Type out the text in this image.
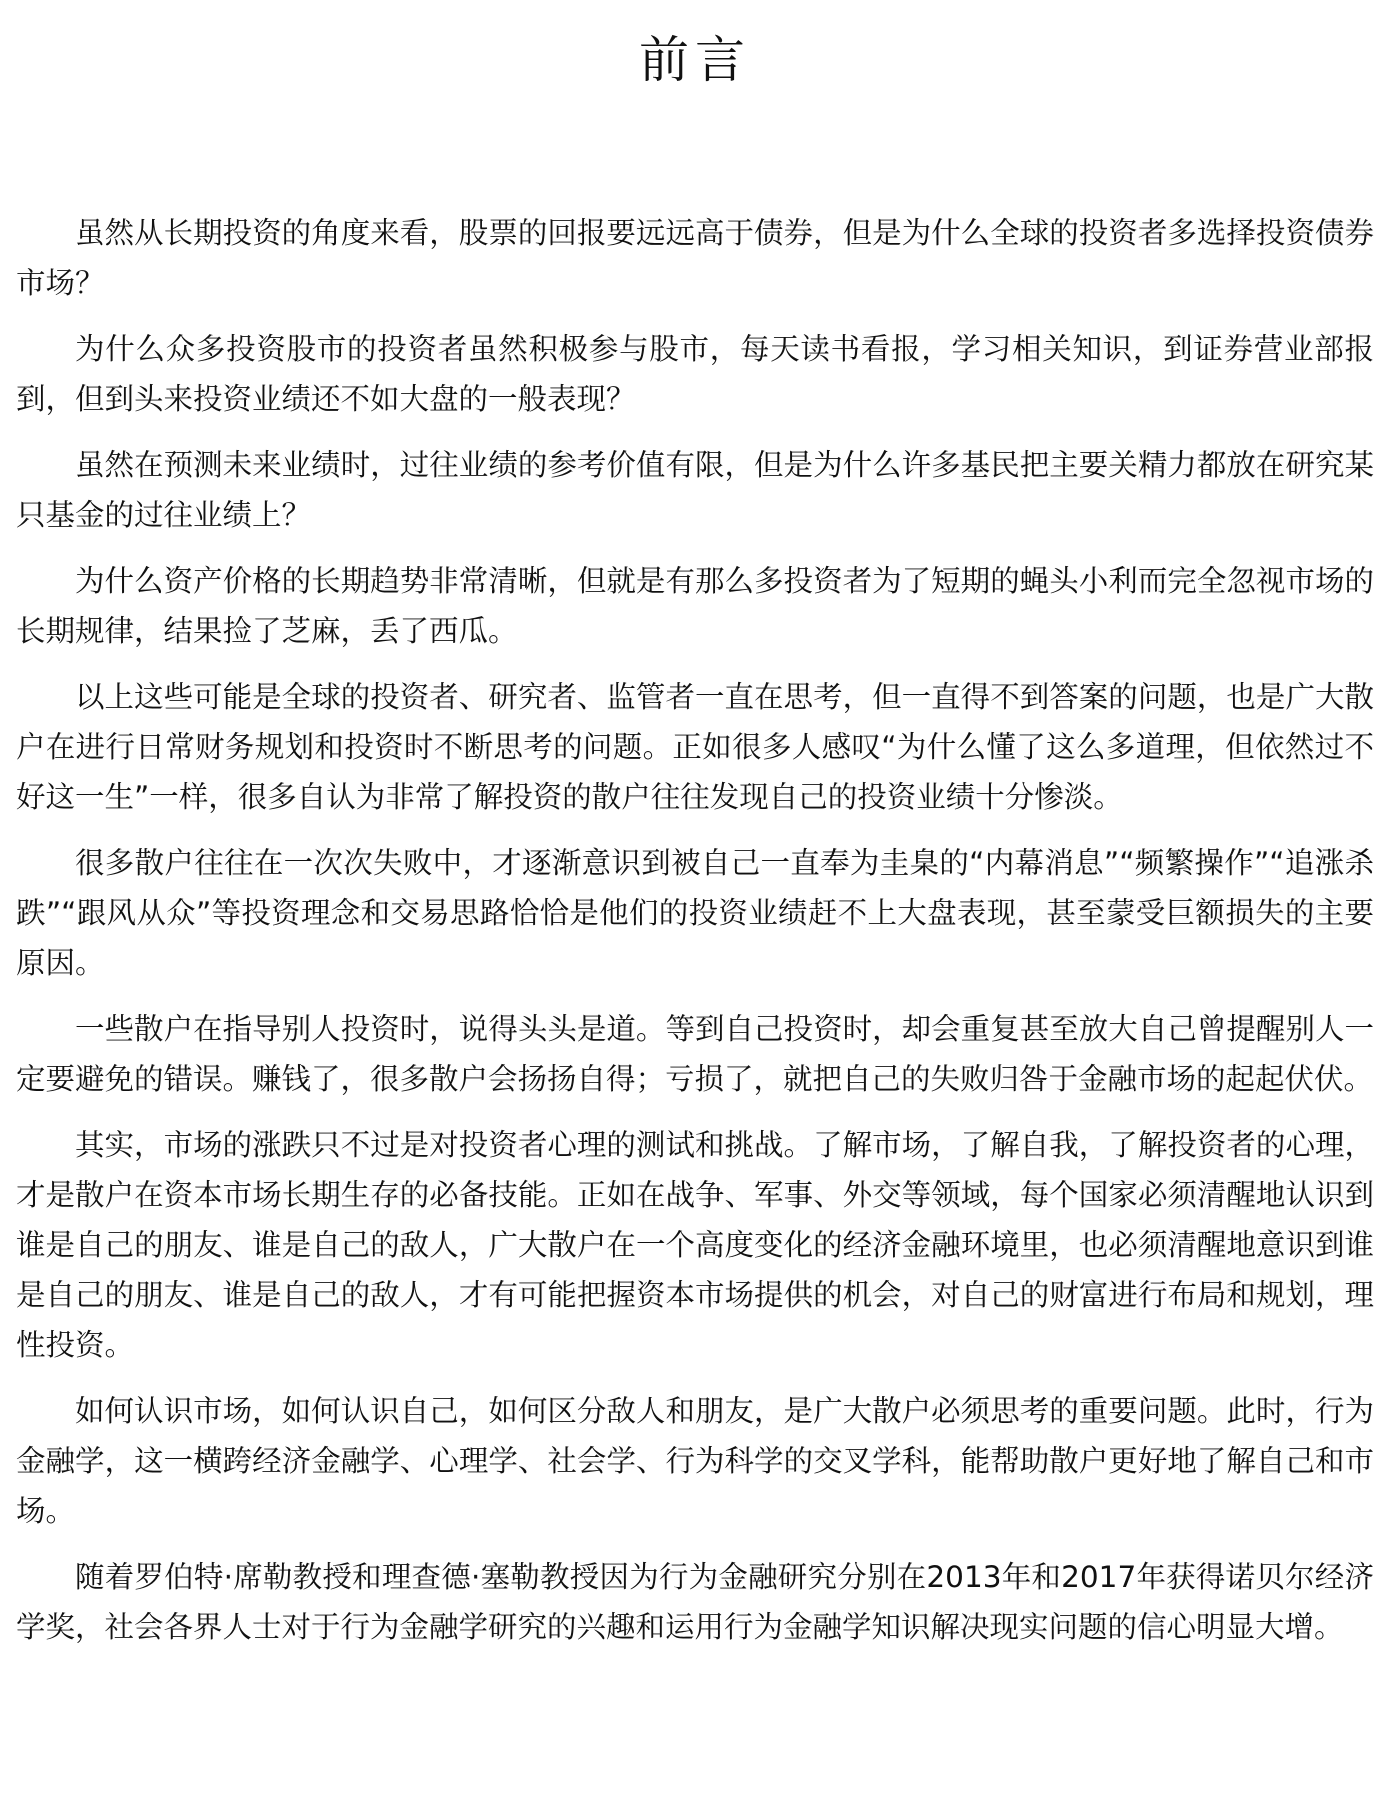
前言

虽然从长期投资的角度来看，股票的回报要远远高于债券，但是为什么全球的投资者多选择投资债券市场？

为什么众多投资股市的投资者虽然积极参与股市，每天读书看报，学习相关知识，到证券营业部报到，但到头来投资业绩还不如大盘的一般表现？

虽然在预测未来业绩时，过往业绩的参考价值有限，但是为什么许多基民把主要关精力都放在研究某只基金的过往业绩上？

为什么资产价格的长期趋势非常清晰，但就是有那么多投资者为了短期的蝇头小利而完全忽视市场的长期规律，结果捡了芝麻，丢了西瓜。

以上这些可能是全球的投资者、研究者、监管者一直在思考，但一直得不到答案的问题，也是广大散户在进行日常财务规划和投资时不断思考的问题。正如很多人感叹“为什么懂了这么多道理，但依然过不好这一生”一样，很多自认为非常了解投资的散户往往发现自己的投资业绩十分惨淡。

很多散户往往在一次次失败中，才逐渐意识到被自己一直奉为圭臬的“内幕消息”“频繁操作”“追涨杀跌”“跟风从众”等投资理念和交易思路恰恰是他们的投资业绩赶不上大盘表现，甚至蒙受巨额损失的主要原因。

一些散户在指导别人投资时，说得头头是道。等到自己投资时，却会重复甚至放大自己曾提醒别人一定要避免的错误。赚钱了，很多散户会扬扬自得；亏损了，就把自己的失败归咎于金融市场的起起伏伏。

其实，市场的涨跌只不过是对投资者心理的测试和挑战。了解市场，了解自我，了解投资者的心理，才是散户在资本市场长期生存的必备技能。正如在战争、军事、外交等领域，每个国家必须清醒地认识到谁是自己的朋友、谁是自己的敌人，广大散户在一个高度变化的经济金融环境里，也必须清醒地意识到谁是自己的朋友、谁是自己的敌人，才有可能把握资本市场提供的机会，对自己的财富进行布局和规划，理性投资。

如何认识市场，如何认识自己，如何区分敌人和朋友，是广大散户必须思考的重要问题。此时，行为金融学，这一横跨经济金融学、心理学、社会学、行为科学的交叉学科，能帮助散户更好地了解自己和市场。

随着罗伯特·席勒教授和理查德·塞勒教授因为行为金融研究分别在2013年和2017年获得诺贝尔经济学奖，社会各界人士对于行为金融学研究的兴趣和运用行为金融学知识解决现实问题的信心明显大增。
